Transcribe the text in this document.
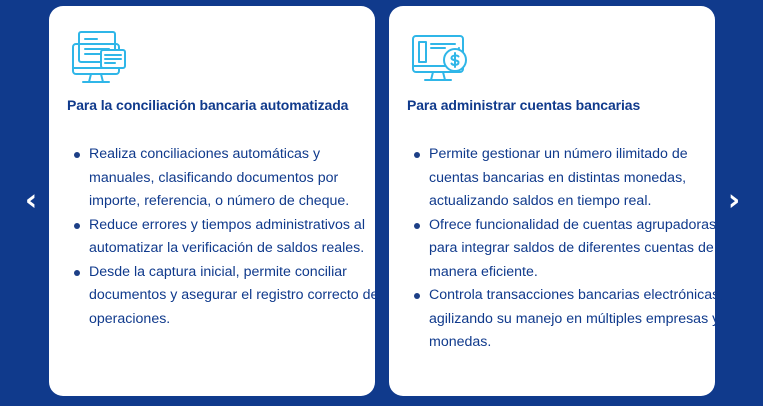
‹
Para la conciliación bancaria automatizada
Realiza conciliaciones automáticas y manuales, clasificando documentos por importe, referencia, o número de cheque.
Reduce errores y tiempos administrativos al automatizar la verificación de saldos reales.
Desde la captura inicial, permite conciliar documentos y asegurar el registro correcto de operaciones.
Para administrar cuentas bancarias
Permite gestionar un número ilimitado de cuentas bancarias en distintas monedas, actualizando saldos en tiempo real.
Ofrece funcionalidad de cuentas agrupadoras para integrar saldos de diferentes cuentas de manera eficiente.
Controla transacciones bancarias electrónicas, agilizando su manejo en múltiples empresas y monedas.
›
